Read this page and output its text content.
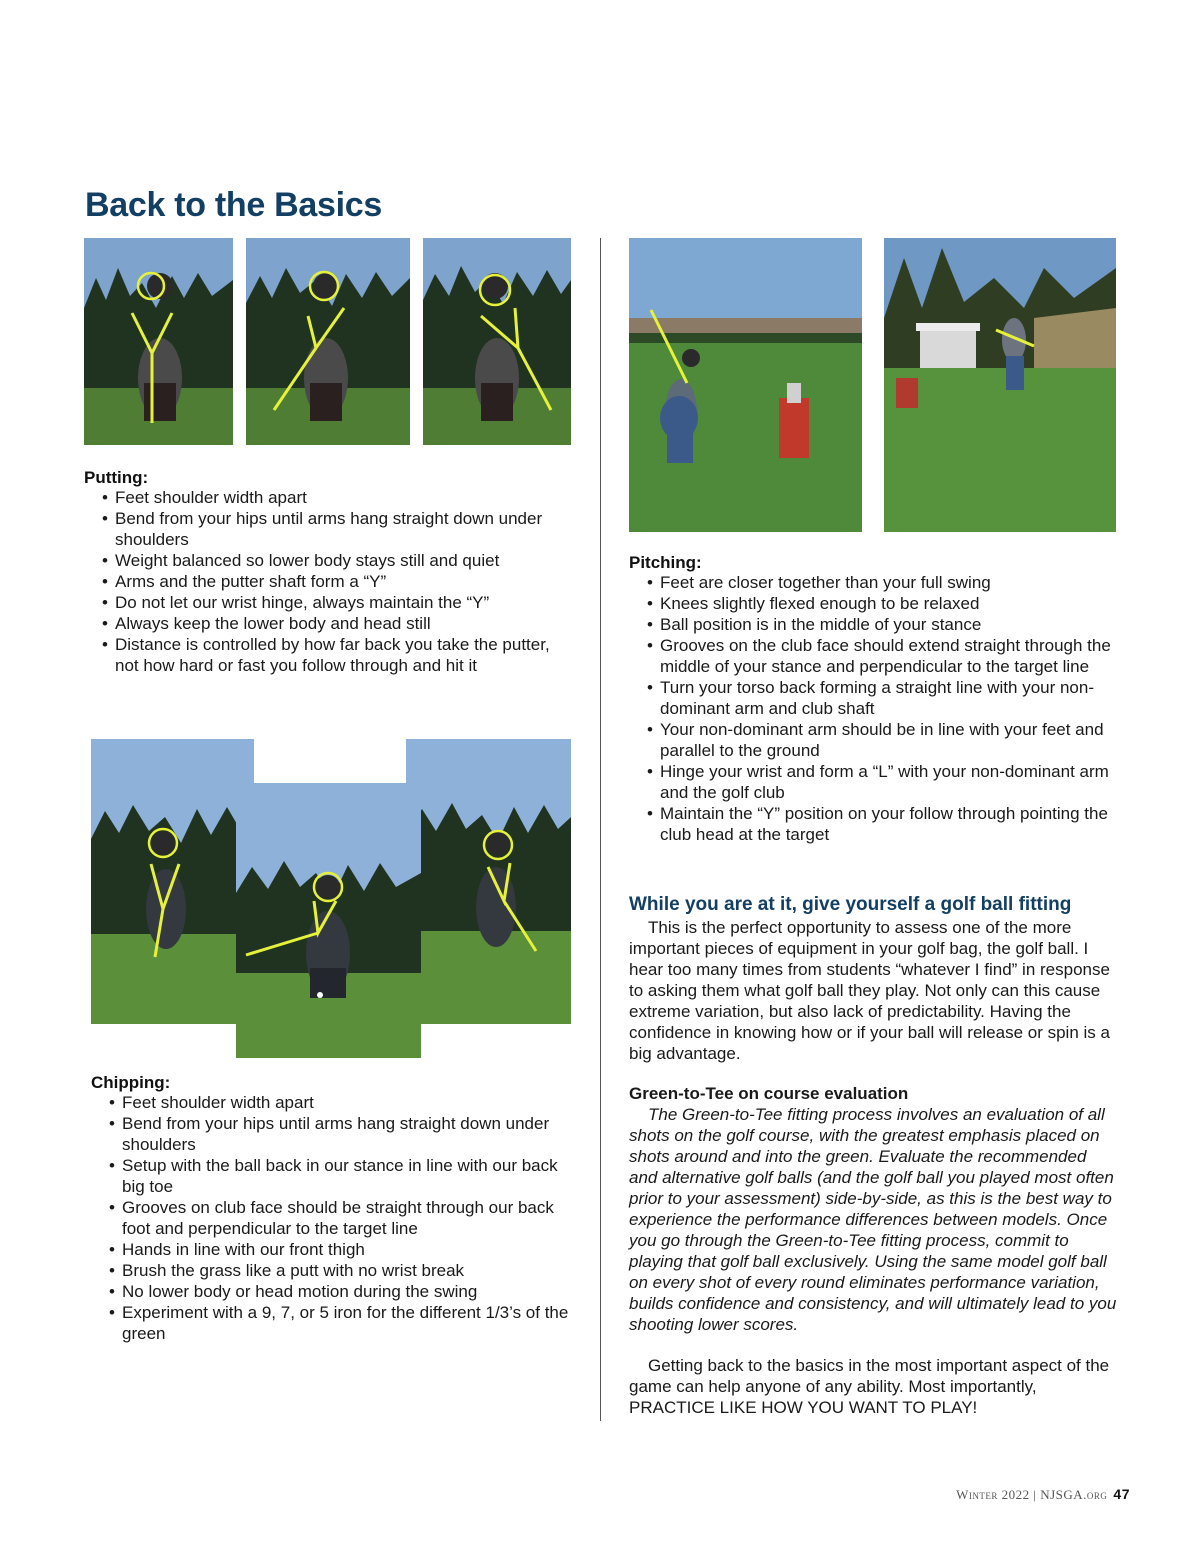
Back to the Basics
Putting:
• Feet shoulder width apart
• Bend from your hips until arms hang straight down under shoulders
• Weight balanced so lower body stays still and quiet
• Arms and the putter shaft form a “Y”
• Do not let our wrist hinge, always maintain the “Y”
• Always keep the lower body and head still
• Distance is controlled by how far back you take the putter, not how hard or fast you follow through and hit it
Chipping:
• Feet shoulder width apart
• Bend from your hips until arms hang straight down under shoulders
• Setup with the ball back in our stance in line with our back big toe
• Grooves on club face should be straight through our back foot and perpendicular to the target line
• Hands in line with our front thigh
• Brush the grass like a putt with no wrist break
• No lower body or head motion during the swing
• Experiment with a 9, 7, or 5 iron for the different 1/3’s of the green
Pitching:
• Feet are closer together than your full swing
• Knees slightly flexed enough to be relaxed
• Ball position is in the middle of your stance
• Grooves on the club face should extend straight through the middle of your stance and perpendicular to the target line
• Turn your torso back forming a straight line with your non-dominant arm and club shaft
• Your non-dominant arm should be in line with your feet and parallel to the ground
• Hinge your wrist and form a “L” with your non-dominant arm and the golf club
• Maintain the “Y” position on your follow through pointing the club head at the target
While you are at it, give yourself a golf ball fitting

This is the perfect opportunity to assess one of the more important pieces of equipment in your golf bag, the golf ball. I hear too many times from students “whatever I find” in response to asking them what golf ball they play. Not only can this cause extreme variation, but also lack of predictability. Having the confidence in knowing how or if your ball will release or spin is a big advantage.

Green-to-Tee on course evaluation

The Green-to-Tee fitting process involves an evaluation of all shots on the golf course, with the greatest emphasis placed on shots around and into the green. Evaluate the recommended and alternative golf balls (and the golf ball you played most often prior to your assessment) side-by-side, as this is the best way to experience the performance differences between models. Once you go through the Green-to-Tee fitting process, commit to playing that golf ball exclusively. Using the same model golf ball on every shot of every round eliminates performance variation, builds confidence and consistency, and will ultimately lead to you shooting lower scores.

Getting back to the basics in the most important aspect of the game can help anyone of any ability. Most importantly, PRACTICE LIKE HOW YOU WANT TO PLAY!

Winter 2022 | NJSGA.org 47
